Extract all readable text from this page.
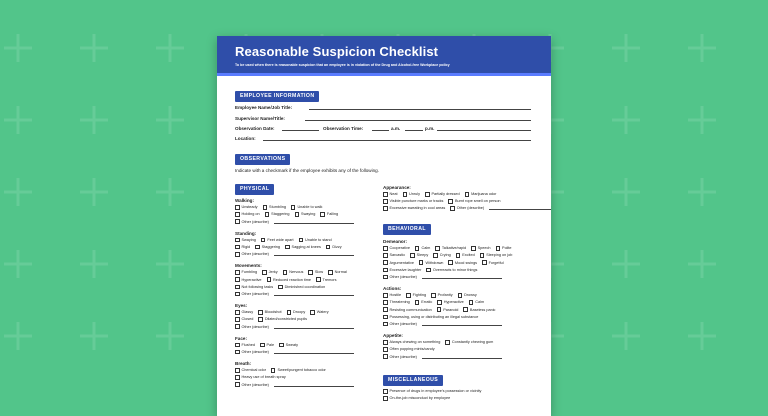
Reasonable Suspicion Checklist
To be used when there is reasonable suspicion that an employee is in violation of the Drug and Alcohol-free Workplace policy
EMPLOYEE INFORMATION
Employee Name/Job Title:
Supervisor Name/Title:
Observation Date:	Observation Time:	a.m.	p.m.
Location:
OBSERVATIONS
Indicate with a checkmark if the employee exhibits any of the following.
PHYSICAL
BEHAVIORAL
MISCELLANEOUS
Walking:
Unsteady	Stumbling	Unable to walk
Holding on	Staggering	Swaying	Falling
Other (describe)
Standing:
Swaying	Feet wide apart	Unable to stand
Rigid	Staggering	Sagging at knees	Dizzy
Other (describe)
Movements:
Fumbling	Jerky	Nervous	Slow	Normal
Hyperactive	Reduced reaction time	Tremors
Not following tasks	Diminished coordination
Other (describe)
Eyes:
Glassy	Bloodshot	Droopy	Watery
Closed	Dilated/constricted pupils
Other (describe)
Face:
Flushed	Pale	Sweaty
Other (describe)
Breath:
Chemical odor	Sweet/pungent tobacco odor
Heavy use of breath spray
Other (describe)
Appearance:
Neat	Unruly	Partially dressed	Marijuana odor
Visible puncture marks or tracks	Burnt rope smell on person
Excessive sweating in cool areas	Other (describe)
Demeanor:
Cooperative	Calm	Talkative/rapid	Speech	Polite
Sarcastic	Sleepy	Crying	Excited	Sleeping on job
Argumentative	Withdrawn	Mood swings	Forgetful
Excessive laughter	Overreacts to minor things
Other (describe)
Actions:
Hostile	Fighting	Profanity	Drowsy
Threatening	Erratic	Hyperactive	Calm
Resisting communication	Paranoid	Baseless panic
Possessing, using or distributing an illegal substance
Other (describe)
Appetite:
Always chewing on something	Constantly chewing gum
Often popping mints/candy
Other (describe)
Presence of drugs in employee's possession or vicinity
On-the-job misconduct by employee
